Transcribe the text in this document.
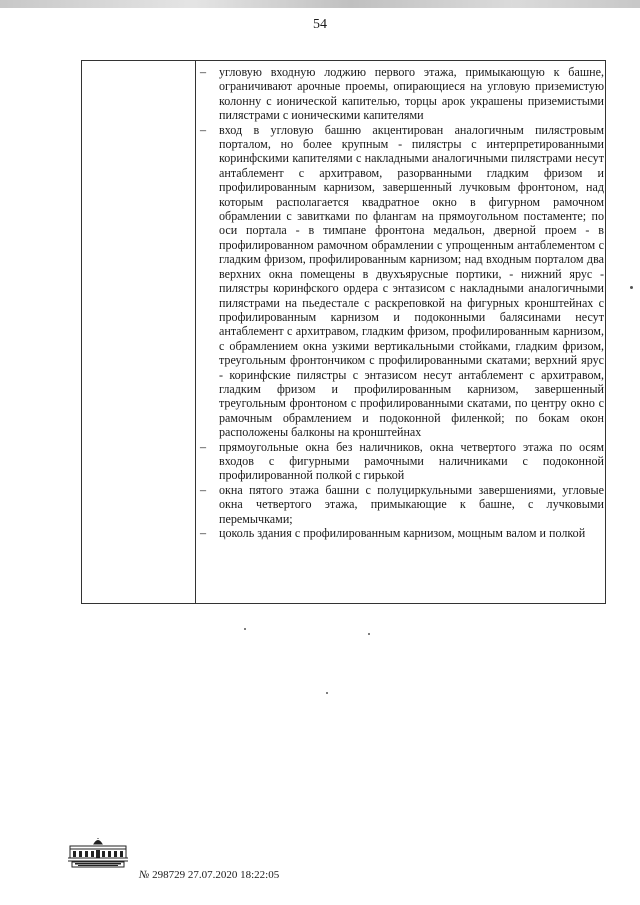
54
– угловую входную лоджию первого этажа, примыкающую к башне, ограничивают арочные проемы, опирающиеся на угловую приземистую колонну с ионической капителью, торцы арок украшены приземистыми пилястрами с ионическими капителями
– вход в угловую башню акцентирован аналогичным пилястровым порталом, но более крупным - пилястры с интерпретированными коринфскими капителями с накладными аналогичными пилястрами несут антаблемент с архитравом, разорванными гладким фризом и профилированным карнизом, завершенный лучковым фронтоном, над которым располагается квадратное окно в фигурном рамочном обрамлении с завитками по флангам на прямоугольном постаменте; по оси портала - в тимпане фронтона медальон, дверной проем - в профилированном рамочном обрамлении с упрощенным антаблементом с гладким фризом, профилированным карнизом; над входным порталом два верхних окна помещены в двухъярусные портики, - нижний ярус - пилястры коринфского ордера с энтазисом с накладными аналогичными пилястрами на пьедестале с раскреповкой на фигурных кронштейнах с профилированным карнизом и подоконными балясинами несут антаблемент с архитравом, гладким фризом, профилированным карнизом, с обрамлением окна узкими вертикальными стойками, гладким фризом, треугольным фронтончиком с профилированными скатами; верхний ярус - коринфские пилястры с энтазисом несут антаблемент с архитравом, гладким фризом и профилированным карнизом, завершенный треугольным фронтоном с профилированными скатами, по центру окно с рамочным обрамлением и подоконной филенкой; по бокам окон расположены балконы на кронштейнах
– прямоугольные окна без наличников, окна четвертого этажа по осям входов с фигурными рамочными наличниками с подоконной профилированной полкой с гирькой
– окна пятого этажа башни с полуциркульными завершениями, угловые окна четвертого этажа, примыкающие к башне, с лучковыми перемычками;
– цоколь здания с профилированным карнизом, мощным валом и полкой
№ 298729 27.07.2020 18:22:05
